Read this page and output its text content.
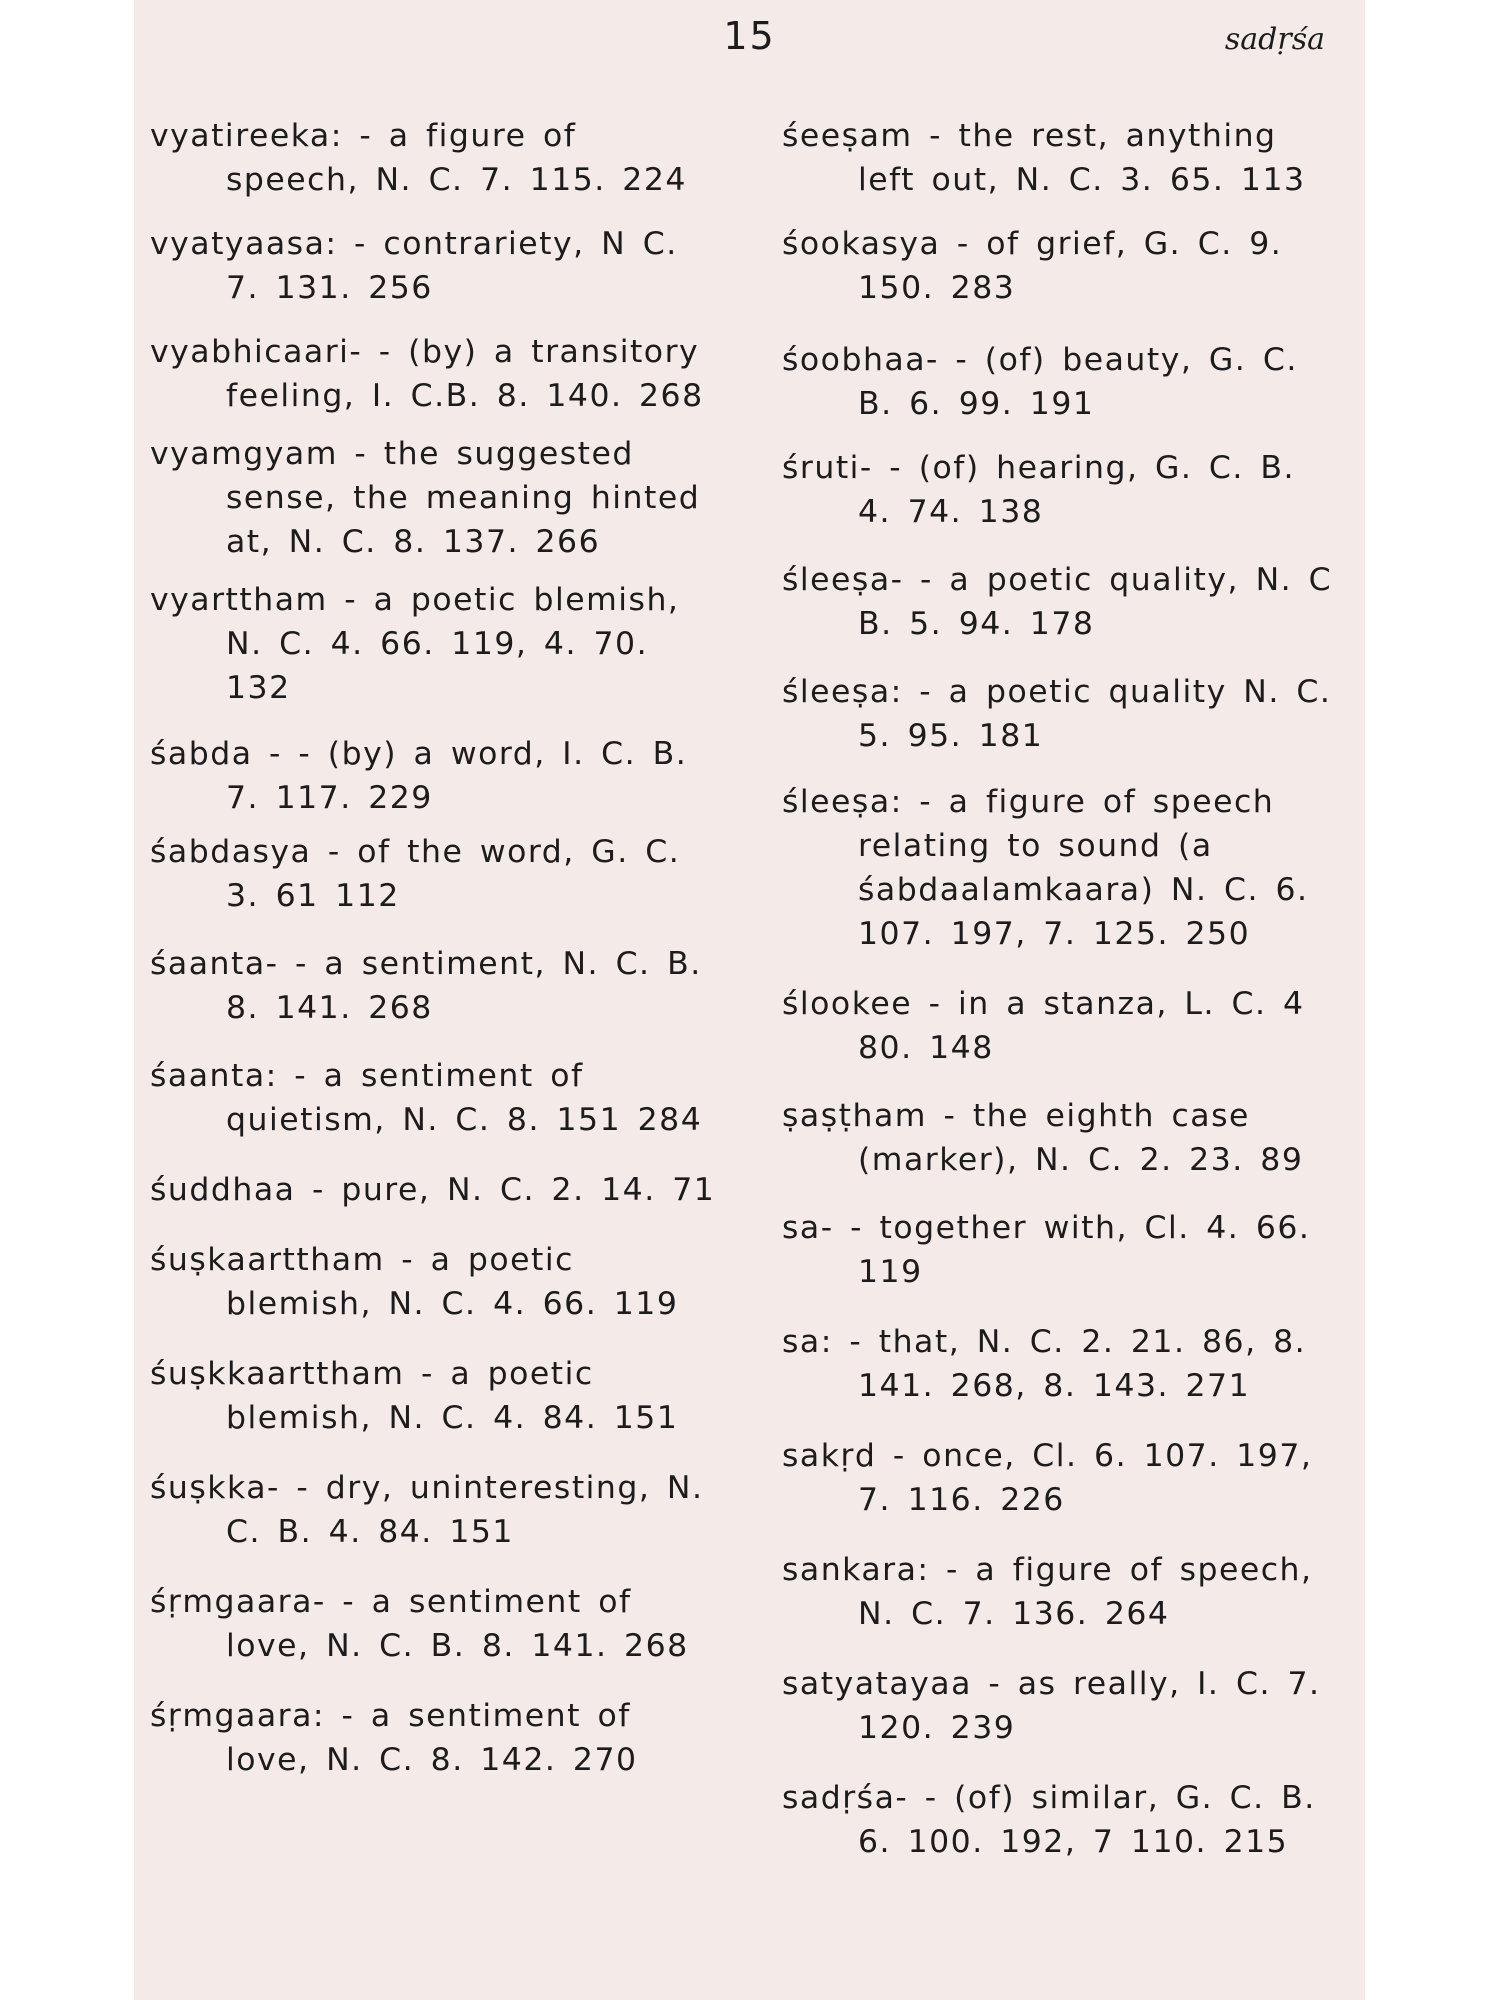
15	sadṛśa
vyatireeka: - a figure of speech, N. C. 7. 115. 224
vyatyaasa: - contrariety, N C. 7. 131. 256
vyabhicaari- - (by) a transitory feeling, I. C.B. 8. 140. 268
vyamgyam - the suggested sense, the meaning hinted at, N. C. 8. 137. 266
vyarttham - a poetic blemish, N. C. 4. 66. 119, 4. 70. 132
śabda - - (by) a word, I. C. B. 7. 117. 229
śabdasya - of the word, G. C. 3. 61 112
śaanta- - a sentiment, N. C. B. 8. 141. 268
śaanta: - a sentiment of quietism, N. C. 8. 151 284
śuddhaa - pure, N. C. 2. 14. 71
śuṣkaarttham - a poetic blemish, N. C. 4. 66. 119
śuṣkkaarttham - a poetic blemish, N. C. 4. 84. 151
śuṣkka- - dry, uninteresting, N. C. B. 4. 84. 151
śṛmgaara- - a sentiment of love, N. C. B. 8. 141. 268
śṛmgaara: - a sentiment of love, N. C. 8. 142. 270
śeeṣam - the rest, anything left out, N. C. 3. 65. 113
śookasya - of grief, G. C. 9. 150. 283
śoobhaa- - (of) beauty, G. C. B. 6. 99. 191
śruti- - (of) hearing, G. C. B. 4. 74. 138
śleeṣa- - a poetic quality, N. C B. 5. 94. 178
śleeṣa: - a poetic quality N. C. 5. 95. 181
śleeṣa: - a figure of speech relating to sound (a śabdaalamkaara) N. C. 6. 107. 197, 7. 125. 250
ślookee - in a stanza, L. C. 4 80. 148
ṣaṣṭham - the eighth case (marker), N. C. 2. 23. 89
sa- - together with, Cl. 4. 66. 119
sa: - that, N. C. 2. 21. 86, 8. 141. 268, 8. 143. 271
sakṛd - once, Cl. 6. 107. 197, 7. 116. 226
sankara: - a figure of speech, N. C. 7. 136. 264
satyatayaa - as really, I. C. 7. 120. 239
sadṛśa- - (of) similar, G. C. B. 6. 100. 192, 7 110. 215
